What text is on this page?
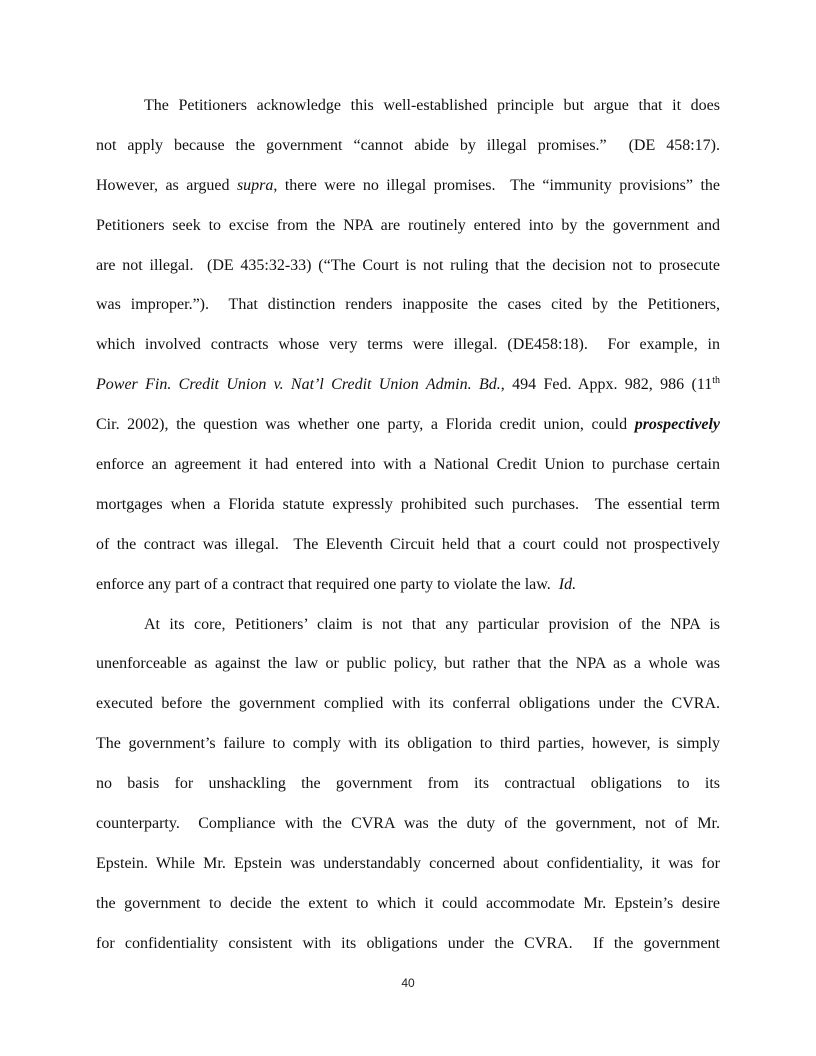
The Petitioners acknowledge this well-established principle but argue that it does
not apply because the government “cannot abide by illegal promises.”  (DE 458:17).
However, as argued supra, there were no illegal promises.  The “immunity provisions” the
Petitioners seek to excise from the NPA are routinely entered into by the government and
are not illegal.  (DE 435:32-33) (“The Court is not ruling that the decision not to prosecute
was improper.”).  That distinction renders inapposite the cases cited by the Petitioners,
which involved contracts whose very terms were illegal. (DE458:18).  For example, in
Power Fin. Credit Union v. Nat’l Credit Union Admin. Bd., 494 Fed. Appx. 982, 986 (11th
Cir. 2002), the question was whether one party, a Florida credit union, could prospectively
enforce an agreement it had entered into with a National Credit Union to purchase certain
mortgages when a Florida statute expressly prohibited such purchases.  The essential term
of the contract was illegal.  The Eleventh Circuit held that a court could not prospectively
enforce any part of a contract that required one party to violate the law.  Id.
At its core, Petitioners’ claim is not that any particular provision of the NPA is
unenforceable as against the law or public policy, but rather that the NPA as a whole was
executed before the government complied with its conferral obligations under the CVRA.
The government’s failure to comply with its obligation to third parties, however, is simply
no basis for unshackling the government from its contractual obligations to its
counterparty.  Compliance with the CVRA was the duty of the government, not of Mr.
Epstein. While Mr. Epstein was understandably concerned about confidentiality, it was for
the government to decide the extent to which it could accommodate Mr. Epstein’s desire
for confidentiality consistent with its obligations under the CVRA.  If the government
40
